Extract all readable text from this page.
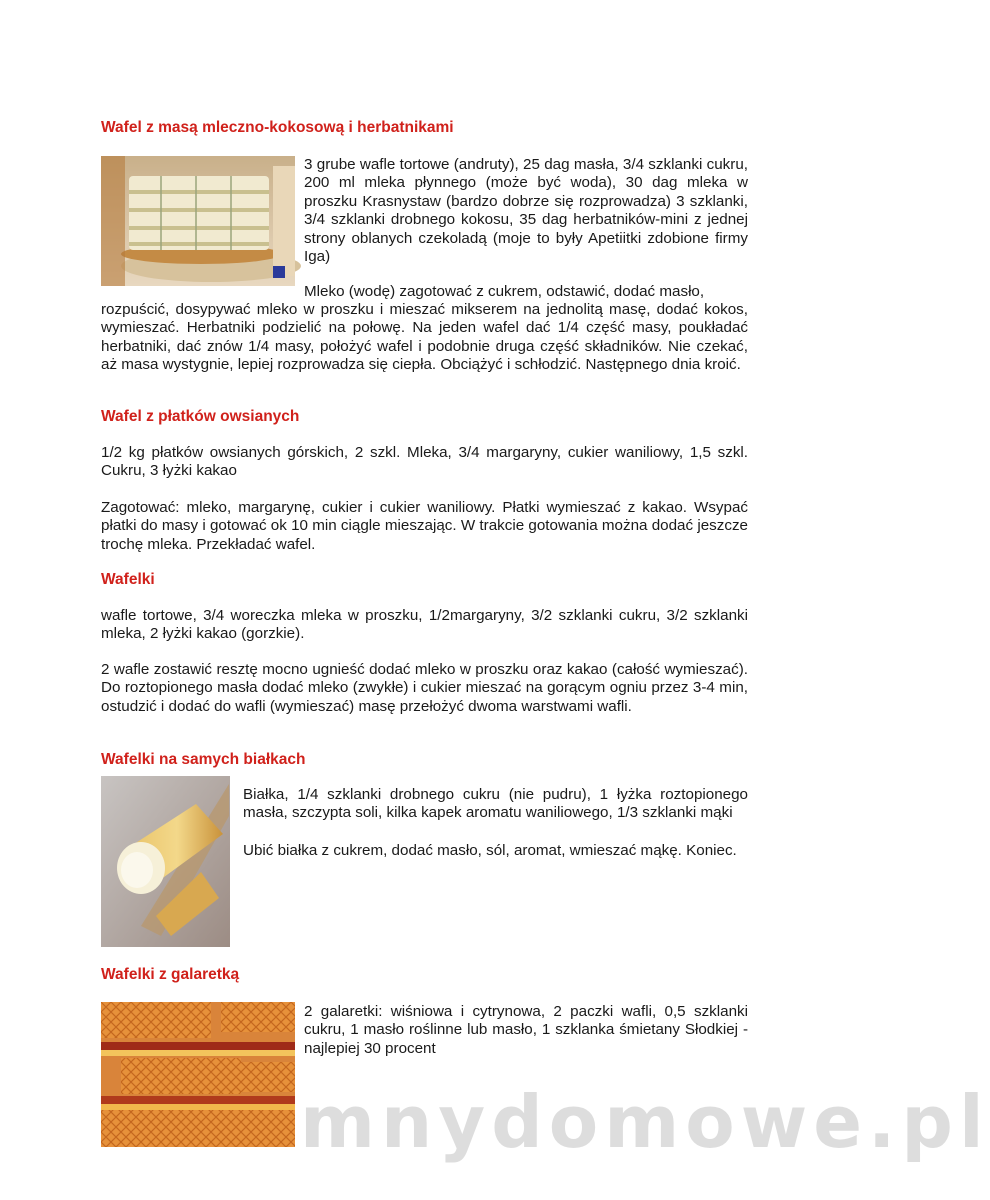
Wafel z masą mleczno-kokosową i herbatnikami

3 grube wafle tortowe (andruty), 25 dag masła, 3/4 szklanki cukru, 200 ml mleka płynnego (może być woda), 30 dag mleka w proszku Krasnystaw (bardzo dobrze się rozprowadza) 3 szklanki, 3/4 szklanki drobnego kokosu, 35 dag herbatników-mini z jednej strony oblanych czekoladą (moje to były Apetiitki zdobione firmy Iga)

Mleko (wodę) zagotować z cukrem, odstawić, dodać masło,

rozpuścić, dosypywać mleko w proszku i mieszać mikserem na jednolitą masę, dodać kokos, wymieszać. Herbatniki podzielić na połowę. Na jeden wafel dać 1/4 część masy, poukładać herbatniki, dać znów 1/4 masy, położyć wafel i podobnie druga część składników. Nie czekać, aż masa wystygnie, lepiej rozprowadza się ciepła. Obciążyć i schłodzić. Następnego dnia kroić.

Wafel z płatków owsianych

1/2 kg płatków owsianych górskich, 2 szkl. Mleka, 3/4 margaryny, cukier waniliowy, 1,5 szkl. Cukru, 3 łyżki kakao

Zagotować: mleko, margarynę, cukier i cukier waniliowy. Płatki wymieszać z kakao. Wsypać płatki do masy i gotować ok 10 min ciągle mieszając. W trakcie gotowania można dodać jeszcze trochę mleka. Przekładać wafel.

Wafelki

wafle tortowe, 3/4 woreczka mleka w proszku, 1/2margaryny, 3/2 szklanki cukru, 3/2 szklanki mleka, 2 łyżki kakao (gorzkie).

2 wafle zostawić resztę mocno ugnieść dodać mleko w proszku oraz kakao (całość wymieszać). Do roztopionego masła dodać mleko (zwykłe) i cukier mieszać na gorącym ogniu przez 3-4 min, ostudzić i dodać do wafli (wymieszać) masę przełożyć dwoma warstwami wafli.

Wafelki na samych białkach

Białka, 1/4 szklanki drobnego cukru (nie pudru), 1 łyżka roztopionego masła, szczypta soli, kilka kapek aromatu waniliowego, 1/3 szklanki mąki

Ubić białka z cukrem, dodać masło, sól, aromat, wmieszać mąkę. Koniec.

Wafelki z galaretką

2 galaretki: wiśniowa i cytrynowa, 2 paczki wafli, 0,5 szklanki cukru, 1 masło roślinne lub masło, 1 szklanka śmietany Słodkiej - najlepiej 30 procent

mnydomowe.pl
